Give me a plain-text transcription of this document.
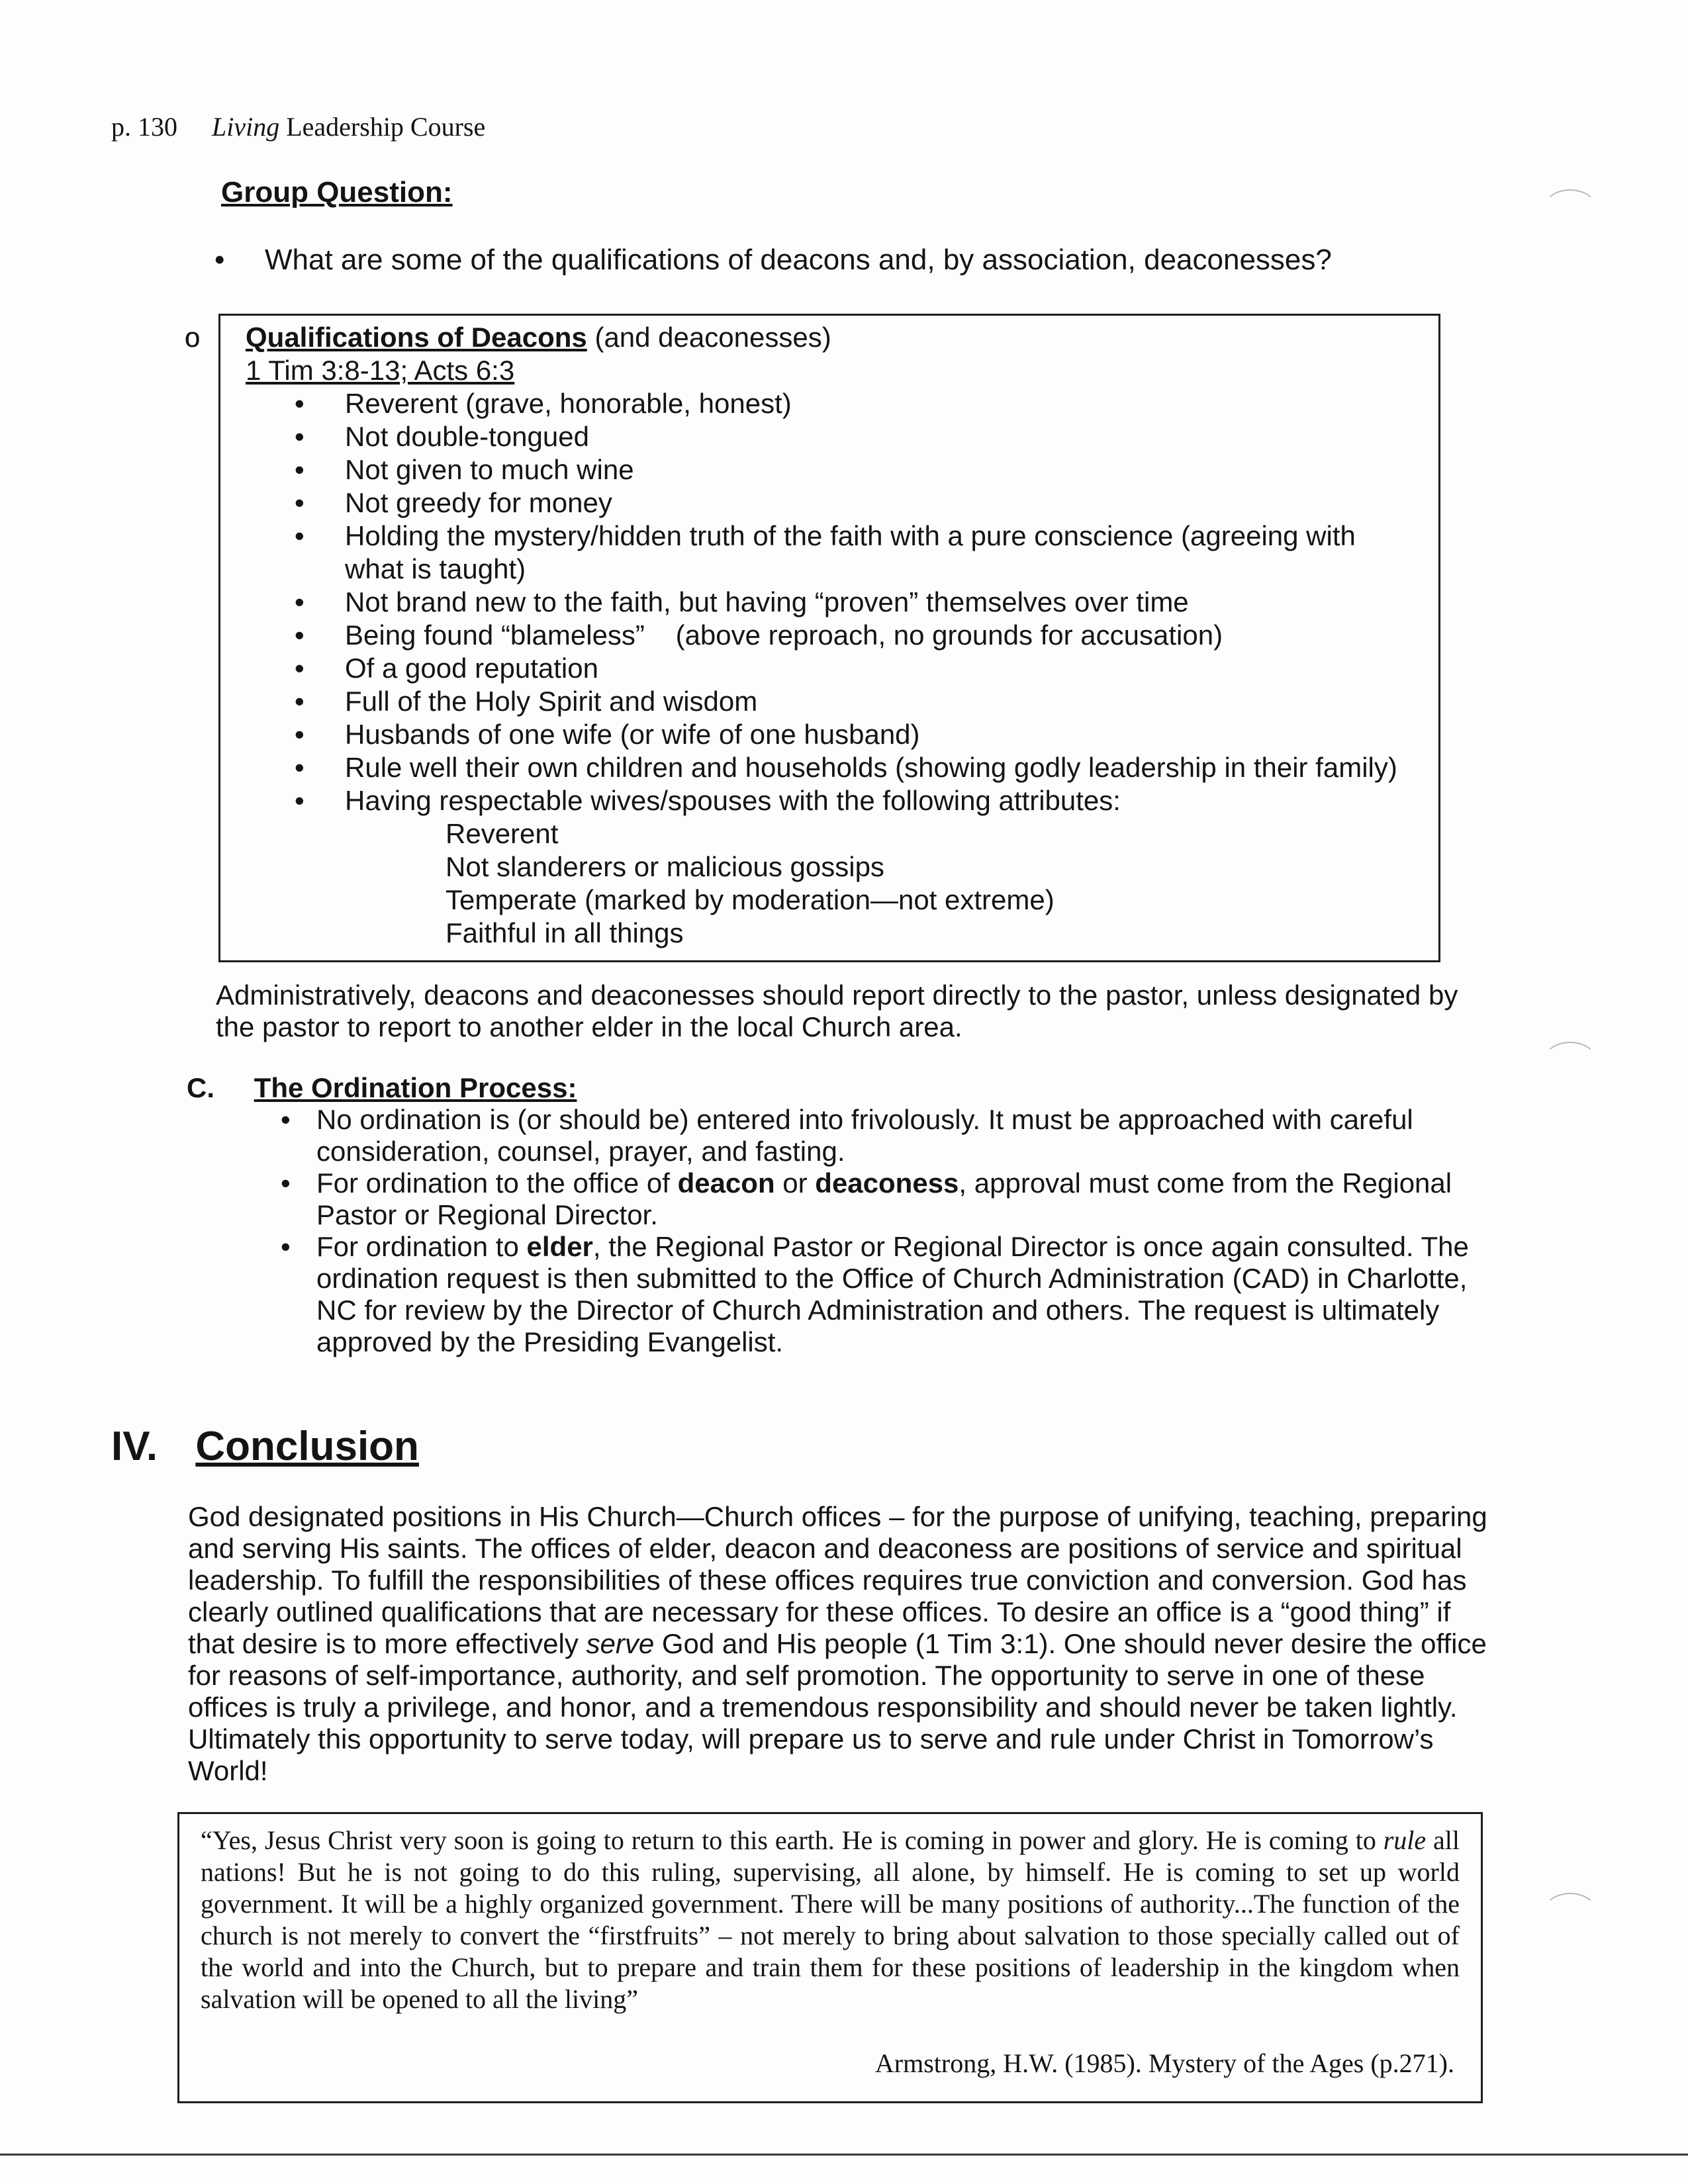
p. 130 Living Leadership Course
Group Question:
• What are some of the qualifications of deacons and, by association, deaconesses?
Qualifications of Deacons (and deaconesses)
1 Tim 3:8-13; Acts 6:3
• Reverent (grave, honorable, honest)
• Not double-tongued
• Not given to much wine
• Not greedy for money
• Holding the mystery/hidden truth of the faith with a pure conscience (agreeing with what is taught)
• Not brand new to the faith, but having “proven” themselves over time
• Being found “blameless”    (above reproach, no grounds for accusation)
• Of a good reputation
• Full of the Holy Spirit and wisdom
• Husbands of one wife (or wife of one husband)
• Rule well their own children and households (showing godly leadership in their family)
• Having respectable wives/spouses with the following attributes:
o Reverent
o Not slanderers or malicious gossips
o Temperate (marked by moderation—not extreme)
o Faithful in all things
Administratively, deacons and deaconesses should report directly to the pastor, unless designated by the pastor to report to another elder in the local Church area.
C. The Ordination Process:
• No ordination is (or should be) entered into frivolously. It must be approached with careful consideration, counsel, prayer, and fasting.
• For ordination to the office of deacon or deaconess, approval must come from the Regional Pastor or Regional Director.
• For ordination to elder, the Regional Pastor or Regional Director is once again consulted. The ordination request is then submitted to the Office of Church Administration (CAD) in Charlotte, NC for review by the Director of Church Administration and others. The request is ultimately approved by the Presiding Evangelist.
IV. Conclusion
God designated positions in His Church—Church offices – for the purpose of unifying, teaching, preparing and serving His saints. The offices of elder, deacon and deaconess are positions of service and spiritual leadership. To fulfill the responsibilities of these offices requires true conviction and conversion. God has clearly outlined qualifications that are necessary for these offices. To desire an office is a “good thing” if that desire is to more effectively serve God and His people (1 Tim 3:1). One should never desire the office for reasons of self-importance, authority, and self promotion. The opportunity to serve in one of these offices is truly a privilege, and honor, and a tremendous responsibility and should never be taken lightly. Ultimately this opportunity to serve today, will prepare us to serve and rule under Christ in Tomorrow’s World!
“Yes, Jesus Christ very soon is going to return to this earth. He is coming in power and glory. He is coming to rule all nations! But he is not going to do this ruling, supervising, all alone, by himself. He is coming to set up world government. It will be a highly organized government. There will be many positions of authority...The function of the church is not merely to convert the “firstfruits” – not merely to bring about salvation to those specially called out of the world and into the Church, but to prepare and train them for these positions of leadership in the kingdom when salvation will be opened to all the living”
Armstrong, H.W. (1985). Mystery of the Ages (p.271).
